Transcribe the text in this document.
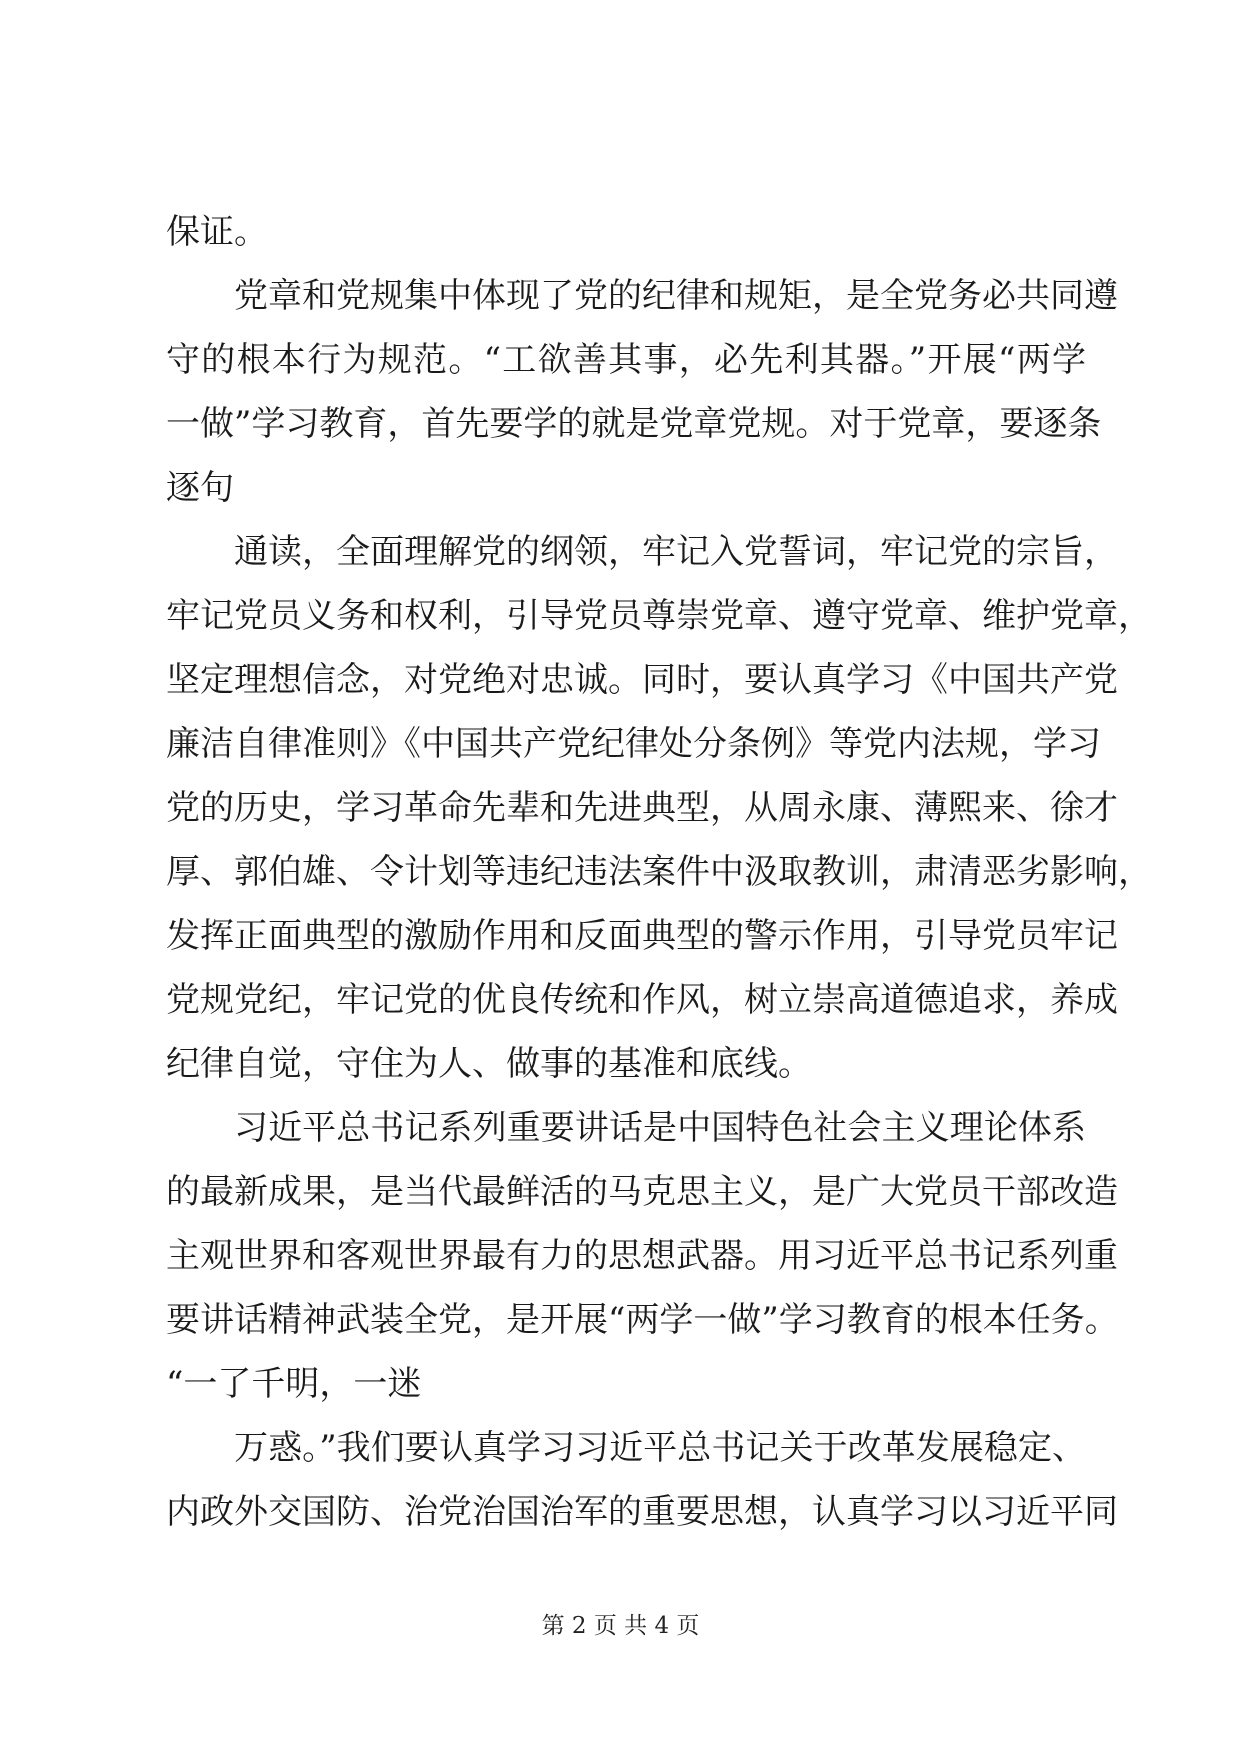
保证。
党章和党规集中体现了党的纪律和规矩，是全党务必共同遵
守的根本行为规范。“工欲善其事，必先利其器。”开展“两学
一做”学习教育，首先要学的就是党章党规。对于党章，要逐条
逐句
通读，全面理解党的纲领，牢记入党誓词，牢记党的宗旨，
牢记党员义务和权利，引导党员尊崇党章、遵守党章、维护党章，
坚定理想信念，对党绝对忠诚。同时，要认真学习《中国共产党
廉洁自律准则》《中国共产党纪律处分条例》等党内法规，学习
党的历史，学习革命先辈和先进典型，从周永康、薄熙来、徐才
厚、郭伯雄、令计划等违纪违法案件中汲取教训，肃清恶劣影响，
发挥正面典型的激励作用和反面典型的警示作用，引导党员牢记
党规党纪，牢记党的优良传统和作风，树立崇高道德追求，养成
纪律自觉，守住为人、做事的基准和底线。
习近平总书记系列重要讲话是中国特色社会主义理论体系
的最新成果，是当代最鲜活的马克思主义，是广大党员干部改造
主观世界和客观世界最有力的思想武器。用习近平总书记系列重
要讲话精神武装全党，是开展“两学一做”学习教育的根本任务。
“一了千明，一迷
万惑。”我们要认真学习习近平总书记关于改革发展稳定、
内政外交国防、治党治国治军的重要思想，认真学习以习近平同
第 2 页 共 4 页
